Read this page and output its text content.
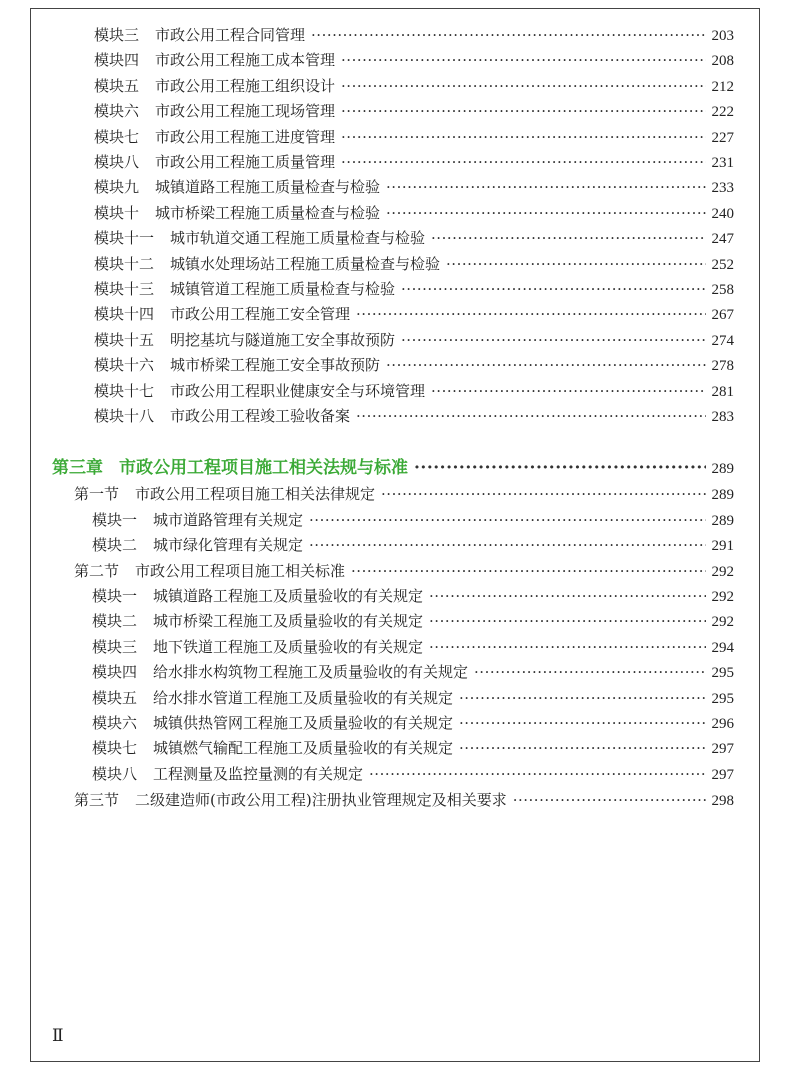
模块三 市政公用工程合同管理 ·····	203
模块四 市政公用工程施工成本管理 ·····	208
模块五 市政公用工程施工组织设计 ·····	212
模块六 市政公用工程施工现场管理 ·····	222
模块七 市政公用工程施工进度管理 ·····	227
模块八 市政公用工程施工质量管理 ·····	231
模块九 城镇道路工程施工质量检查与检验 ·····	233
模块十 城市桥梁工程施工质量检查与检验 ·····	240
模块十一 城市轨道交通工程施工质量检查与检验 ·····	247
模块十二 城镇水处理场站工程施工质量检查与检验 ·····	252
模块十三 城镇管道工程施工质量检查与检验 ·····	258
模块十四 市政公用工程施工安全管理 ·····	267
模块十五 明挖基坑与隧道施工安全事故预防 ·····	274
模块十六 城市桥梁工程施工安全事故预防 ·····	278
模块十七 市政公用工程职业健康安全与环境管理 ·····	281
模块十八 市政公用工程竣工验收备案 ·····	283
第三章 市政公用工程项目施工相关法规与标准 ·····	289
第一节 市政公用工程项目施工相关法律规定 ·····	289
模块一 城市道路管理有关规定 ·····	289
模块二 城市绿化管理有关规定 ·····	291
第二节 市政公用工程项目施工相关标准 ·····	292
模块一 城镇道路工程施工及质量验收的有关规定 ·····	292
模块二 城市桥梁工程施工及质量验收的有关规定 ·····	292
模块三 地下铁道工程施工及质量验收的有关规定 ·····	294
模块四 给水排水构筑物工程施工及质量验收的有关规定 ·····	295
模块五 给水排水管道工程施工及质量验收的有关规定 ·····	295
模块六 城镇供热管网工程施工及质量验收的有关规定 ·····	296
模块七 城镇燃气输配工程施工及质量验收的有关规定 ·····	297
模块八 工程测量及监控量测的有关规定 ·····	297
第三节 二级建造师(市政公用工程)注册执业管理规定及相关要求 ·····	298
Ⅱ
